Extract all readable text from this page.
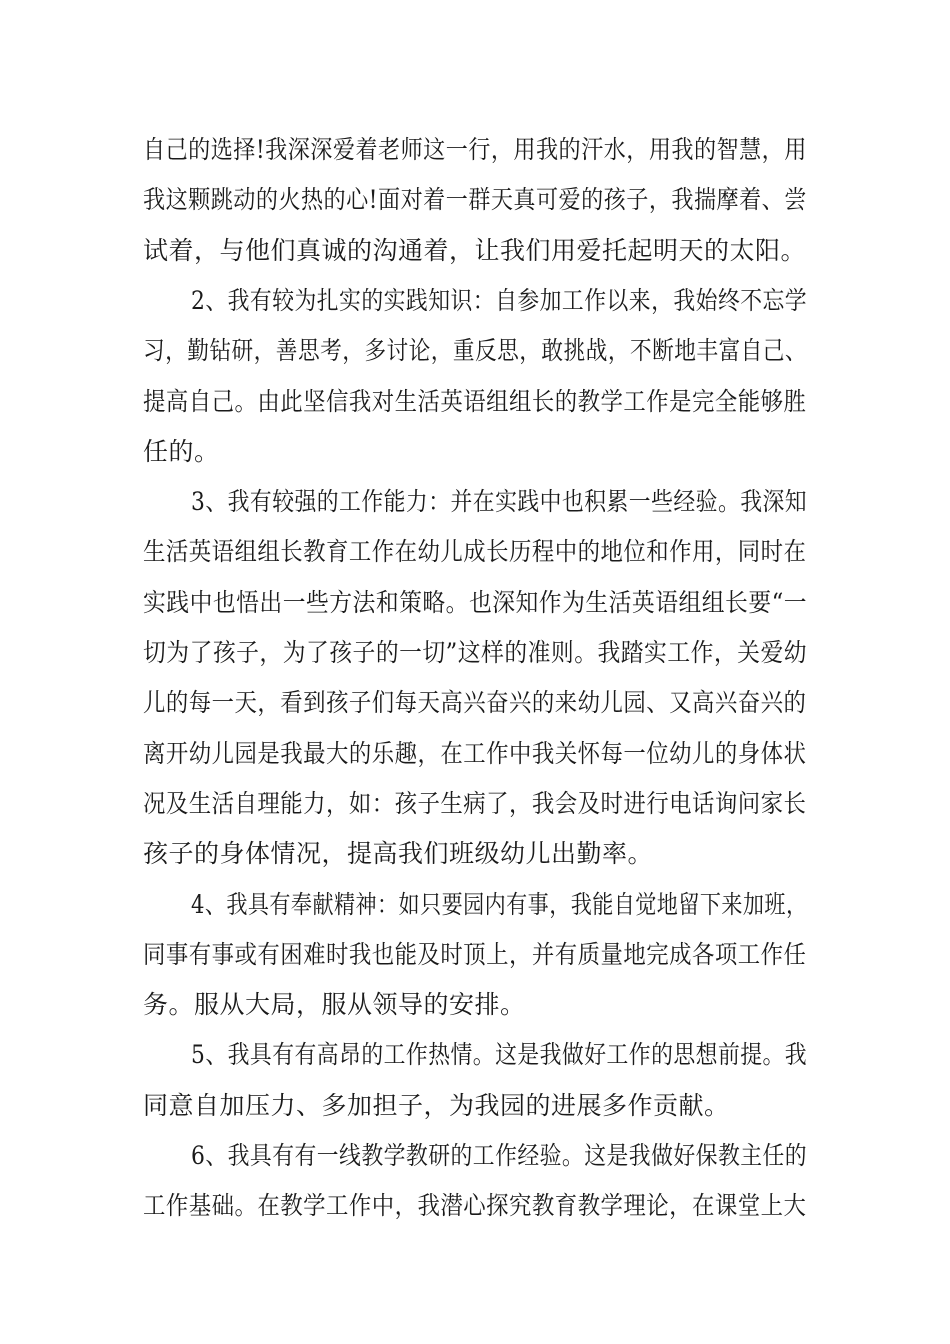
自己的选择!我深深爱着老师这一行，用我的汗水，用我的智慧，用

我这颗跳动的火热的心!面对着一群天真可爱的孩子，我揣摩着、尝

试着，与他们真诚的沟通着，让我们用爱托起明天的太阳。

2、我有较为扎实的实践知识：自参加工作以来，我始终不忘学

习，勤钻研，善思考，多讨论，重反思，敢挑战，不断地丰富自己、

提高自己。由此坚信我对生活英语组组长的教学工作是完全能够胜

任的。

3、我有较强的工作能力：并在实践中也积累一些经验。我深知

生活英语组组长教育工作在幼儿成长历程中的地位和作用，同时在

实践中也悟出一些方法和策略。也深知作为生活英语组组长要“一

切为了孩子，为了孩子的一切”这样的准则。我踏实工作，关爱幼

儿的每一天，看到孩子们每天高兴奋兴的来幼儿园、又高兴奋兴的

离开幼儿园是我最大的乐趣，在工作中我关怀每一位幼儿的身体状

况及生活自理能力，如：孩子生病了，我会及时进行电话询问家长

孩子的身体情况，提高我们班级幼儿出勤率。

4、我具有奉献精神：如只要园内有事，我能自觉地留下来加班，

同事有事或有困难时我也能及时顶上，并有质量地完成各项工作任

务。服从大局，服从领导的安排。

5、我具有有高昂的工作热情。这是我做好工作的思想前提。我

同意自加压力、多加担子，为我园的进展多作贡献。

6、我具有有一线教学教研的工作经验。这是我做好保教主任的

工作基础。在教学工作中，我潜心探究教育教学理论，在课堂上大
